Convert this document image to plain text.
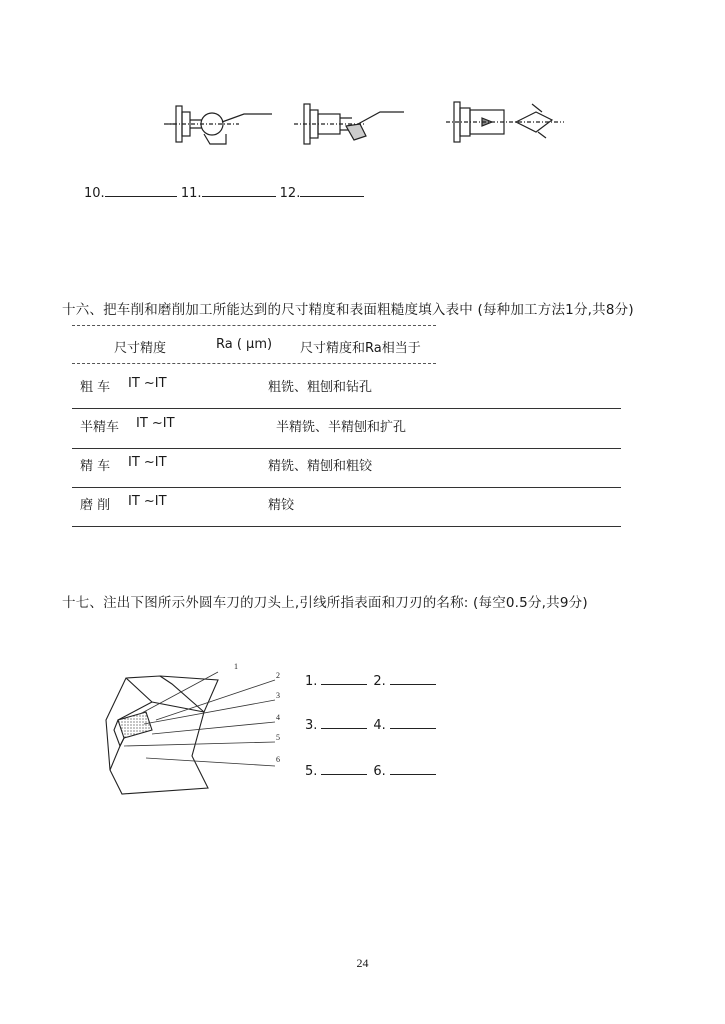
10.	11.	12.
十六、把车削和磨削加工所能达到的尺寸精度和表面粗糙度填入表中 (每种加工方法1分,共8分)
尺寸精度	Ra ( μm) 尺寸精度和Ra相当于
粗 车 IT ~IT	粗铣、粗刨和钻孔
半精车 IT ~IT	半精铣、半精刨和扩孔
精 车 IT ~IT	精铣、精刨和粗铰
磨 削 IT ~IT	精铰
十七、注出下图所示外圆车刀的刀头上,引线所指表面和刀刃的名称: (每空0.5分,共9分)
1
2
3
4
5
6
1.	2.
3.	4.
5.	6.
24
